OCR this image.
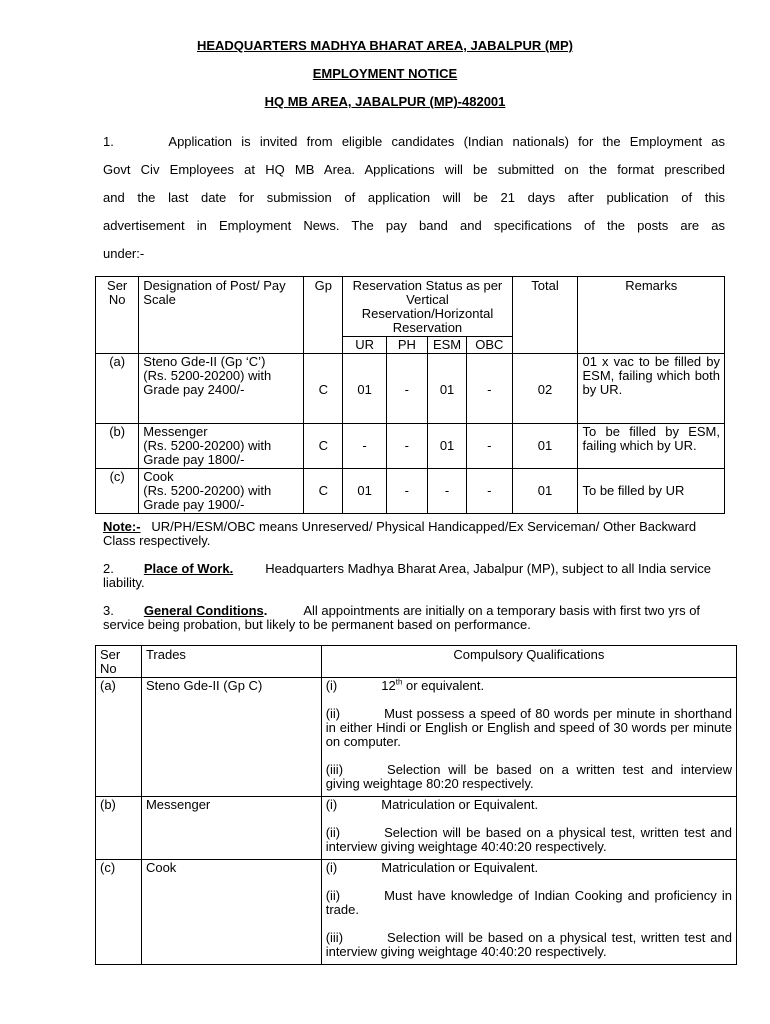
HEADQUARTERS MADHYA BHARAT AREA, JABALPUR (MP)
EMPLOYMENT NOTICE
HQ MB AREA, JABALPUR (MP)-482001
1.      Application is invited from eligible candidates (Indian nationals) for the Employment as
Govt Civ Employees at HQ MB Area. Applications will be submitted on the format prescribed
and the last date for submission of application will be 21 days after publication of this
advertisement in Employment News. The pay band and specifications of the posts are as
under:-
Ser No	Designation of Post/ Pay Scale	Gp	Reservation Status as per Vertical Reservation/Horizontal Reservation				Total	Remarks
			UR	PH	ESM	OBC		
(a)	Steno Gde-II (Gp ‘C’)
(Rs. 5200-20200) with
Grade pay 2400/-	C	01	-	01	-	02	01 x vac to be filled by ESM, failing which both by UR.
(b)	Messenger
(Rs. 5200-20200) with
Grade pay 1800/-	C	-	-	01	-	01	To be filled by ESM, failing which by UR.
(c)	Cook
(Rs. 5200-20200) with
Grade pay 1900/-	C	01	-	-	-	01	To be filled by UR
Note:- UR/PH/ESM/OBC means Unreserved/ Physical Handicapped/Ex Serviceman/ Other Backward Class respectively.
2. Place of Work. Headquarters Madhya Bharat Area, Jabalpur (MP), subject to all India service liability.
3. General Conditions.	All appointments are initially on a temporary basis with first two yrs of service being probation, but likely to be permanent based on performance.
Ser No	Trades	Compulsory Qualifications
(a)	Steno Gde-II (Gp C)	(i) 12th or equivalent.

(ii) Must possess a speed of 80 words per minute in shorthand in either Hindi or English or English and speed of 30 words per minute on computer.

(iii) Selection will be based on a written test and interview giving weightage 80:20 respectively.

(b)	Messenger	(i) Matriculation or Equivalent.

(ii) Selection will be based on a physical test, written test and interview giving weightage 40:40:20 respectively.

(c)	Cook	(i) Matriculation or Equivalent.

(ii) Must have knowledge of Indian Cooking and proficiency in trade.

(iii) Selection will be based on a physical test, written test and interview giving weightage 40:40:20 respectively.
